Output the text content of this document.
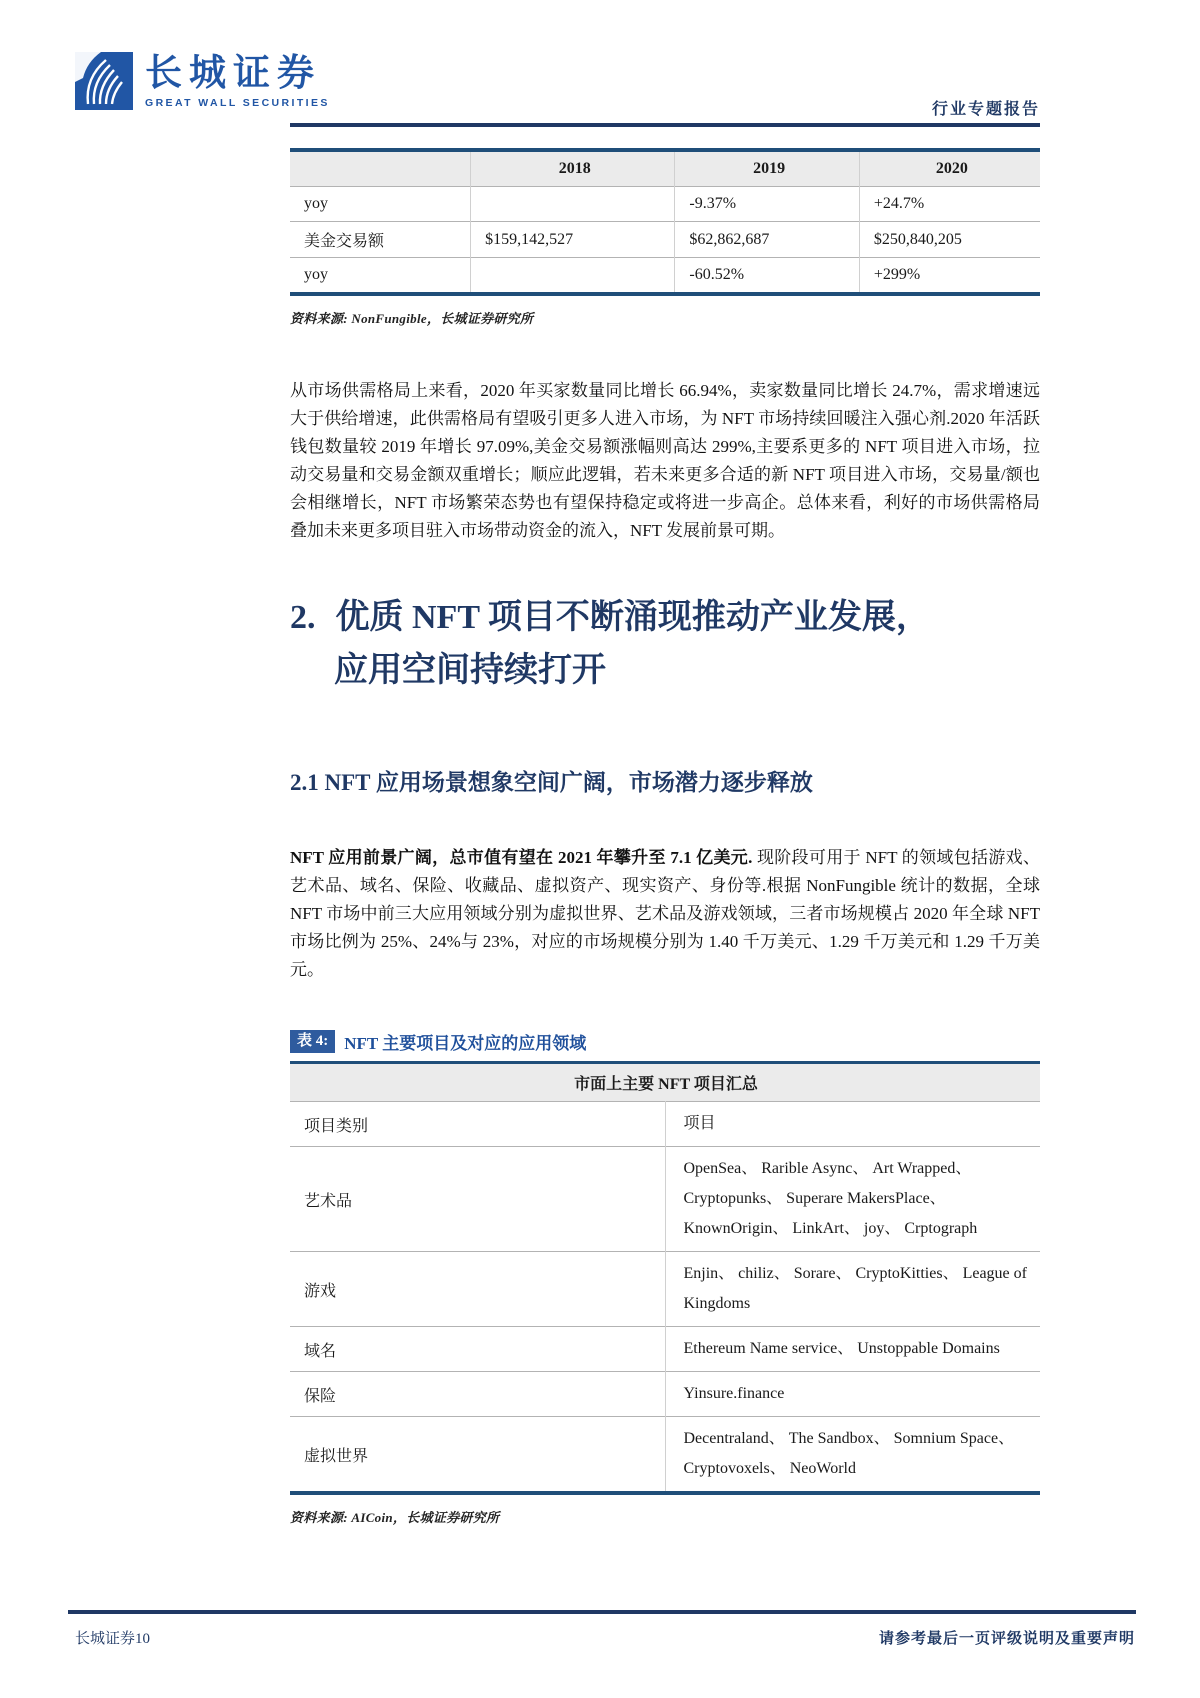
长城证券
GREAT WALL SECURITIES	行业专题报告
	2018	2019	2020
yoy		-9.37%	+24.7%
美金交易额	$159,142,527	$62,862,687	$250,840,205
yoy		-60.52%	+299%

资料来源: NonFungible，长城证券研究所

从市场供需格局上来看，2020 年买家数量同比增长 66.94%，卖家数量同比增长 24.7%，需求增速远大于供给增速，此供需格局有望吸引更多人进入市场，为 NFT 市场持续回暖注入强心剂.2020 年活跃钱包数量较 2019 年增长 97.09%,美金交易额涨幅则高达 299%,主要系更多的 NFT 项目进入市场，拉动交易量和交易金额双重增长；顺应此逻辑，若未来更多合适的新 NFT 项目进入市场，交易量/额也会相继增长，NFT 市场繁荣态势也有望保持稳定或将进一步高企。总体来看，利好的市场供需格局叠加未来更多项目驻入市场带动资金的流入，NFT 发展前景可期。

2. 优质 NFT 项目不断涌现推动产业发展，
应用空间持续打开
2.1 NFT 应用场景想象空间广阔，市场潜力逐步释放

NFT 应用前景广阔，总市值有望在 2021 年攀升至 7.1 亿美元. 现阶段可用于 NFT 的领域包括游戏、艺术品、域名、保险、收藏品、虚拟资产、现实资产、身份等.根据 NonFungible 统计的数据，全球 NFT 市场中前三大应用领域分别为虚拟世界、艺术品及游戏领域，三者市场规模占 2020 年全球 NFT 市场比例为 25%、24%与 23%，对应的市场规模分别为 1.40 千万美元、1.29 千万美元和 1.29 千万美元。

表 4: NFT 主要项目及对应的应用领域
市面上主要 NFT 项目汇总	
项目类别	项目
艺术品	OpenSea、 Rarible Async、 Art Wrapped、 Cryptopunks、 Superare MakersPlace、 KnownOrigin、 LinkArt、 joy、 Crptograph
游戏	Enjin、 chiliz、 Sorare、 CryptoKitties、 League of Kingdoms
域名	Ethereum Name service、 Unstoppable Domains
保险	Yinsure.finance
虚拟世界	Decentraland、 The Sandbox、 Somnium Space、 Cryptovoxels、 NeoWorld

资料来源: AICoin，长城证券研究所

长城证券10	请参考最后一页评级说明及重要声明
